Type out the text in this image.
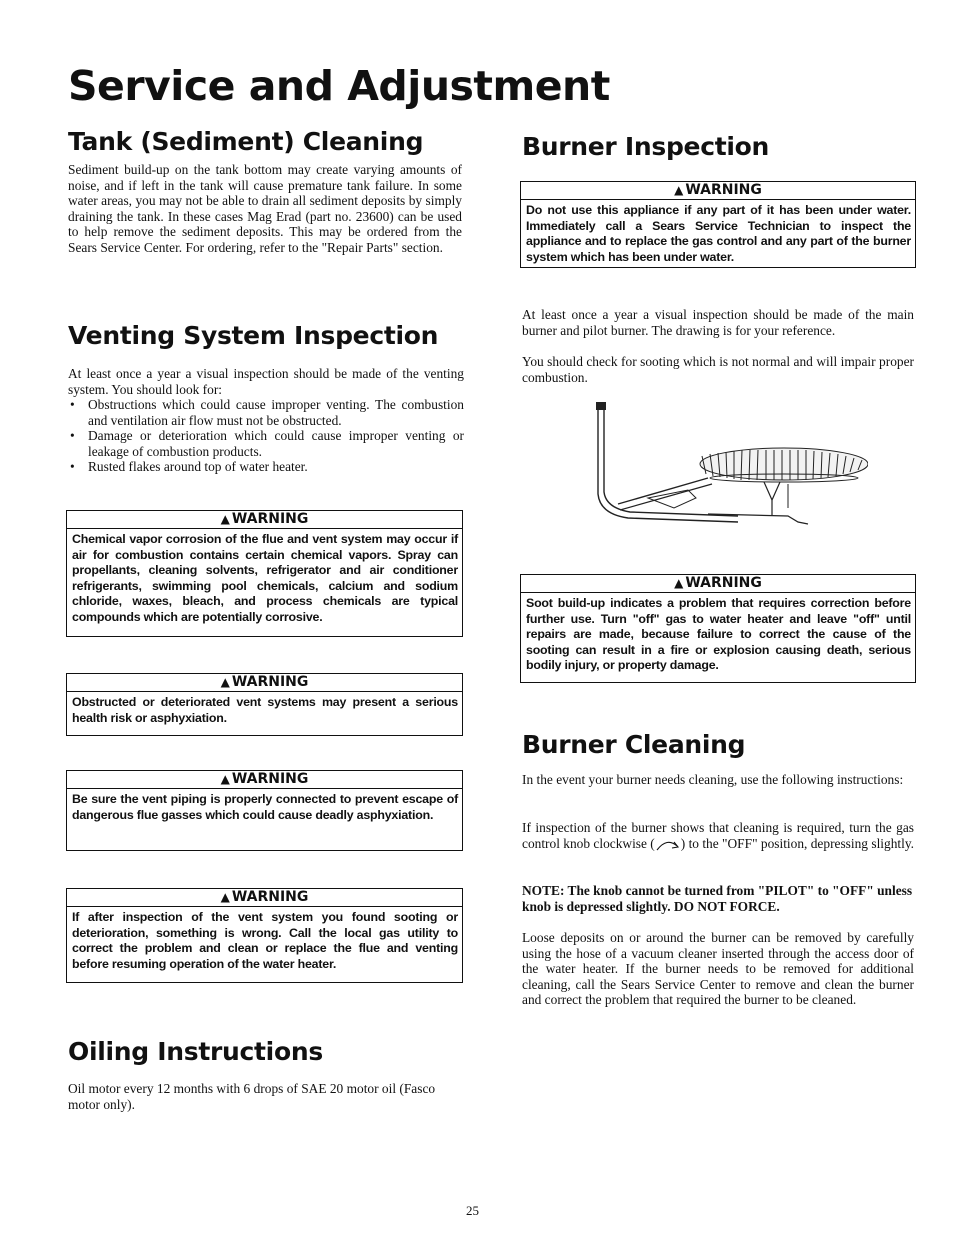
Service and Adjustment
Tank (Sediment) Cleaning

Sediment build-up on the tank bottom may create varying amounts of noise, and if left in the tank will cause premature tank failure. In some water areas, you may not be able to drain all sediment deposits by simply draining the tank. In these cases Mag Erad (part no. 23600) can be used to help remove the sediment deposits. This may be ordered from the Sears Service Center. For ordering, refer to the "Repair Parts" section.

Venting System Inspection

At least once a year a visual inspection should be made of the venting system. You should look for:

• Obstructions which could cause improper venting. The combustion and ventilation air flow must not be obstructed.
• Damage or deterioration which could cause improper venting or leakage of combustion products.
• Rusted flakes around top of water heater.
▲ WARNING
Chemical vapor corrosion of the flue and vent system may occur if air for combustion contains certain chemical vapors. Spray can propellants, cleaning solvents, refrigerator and air conditioner refrigerants, swimming pool chemicals, calcium and sodium chloride, waxes, bleach, and process chemicals are typical compounds which are potentially corrosive.
▲ WARNING
Obstructed or deteriorated vent systems may present a serious health risk or asphyxiation.
▲ WARNING
Be sure the vent piping is properly connected to prevent escape of dangerous flue gasses which could cause deadly asphyxiation.
▲ WARNING
If after inspection of the vent system you found sooting or deterioration, something is wrong. Call the local gas utility to correct the problem and clean or replace the flue and venting before resuming operation of the water heater.
Oiling Instructions

Oil motor every 12 months with 6 drops of SAE 20 motor oil (Fasco motor only).

Burner Inspection
▲ WARNING
Do not use this appliance if any part of it has been under water. Immediately call a Sears Service Technician to inspect the appliance and to replace the gas control and any part of the burner system which has been under water.

At least once a year a visual inspection should be made of the main burner and pilot burner. The drawing is for your reference.

You should check for sooting which is not normal and will impair proper combustion.

▲ WARNING
Soot build-up indicates a problem that requires correction before further use. Turn "off" gas to water heater and leave "off" until repairs are made, because failure to correct the cause of the sooting can result in a fire or explosion causing death, serious bodily injury, or property damage.
Burner Cleaning

In the event your burner needs cleaning, use the following instructions:

If inspection of the burner shows that cleaning is required, turn the gas control knob clockwise ( ) to the "OFF" position, depressing slightly.

NOTE: The knob cannot be turned from "PILOT" to "OFF" unless knob is depressed slightly. DO NOT FORCE.

Loose deposits on or around the burner can be removed by carefully using the hose of a vacuum cleaner inserted through the access door of the water heater. If the burner needs to be removed for additional cleaning, call the Sears Service Center to remove and clean the burner and correct the problem that required the burner to be cleaned.

25
